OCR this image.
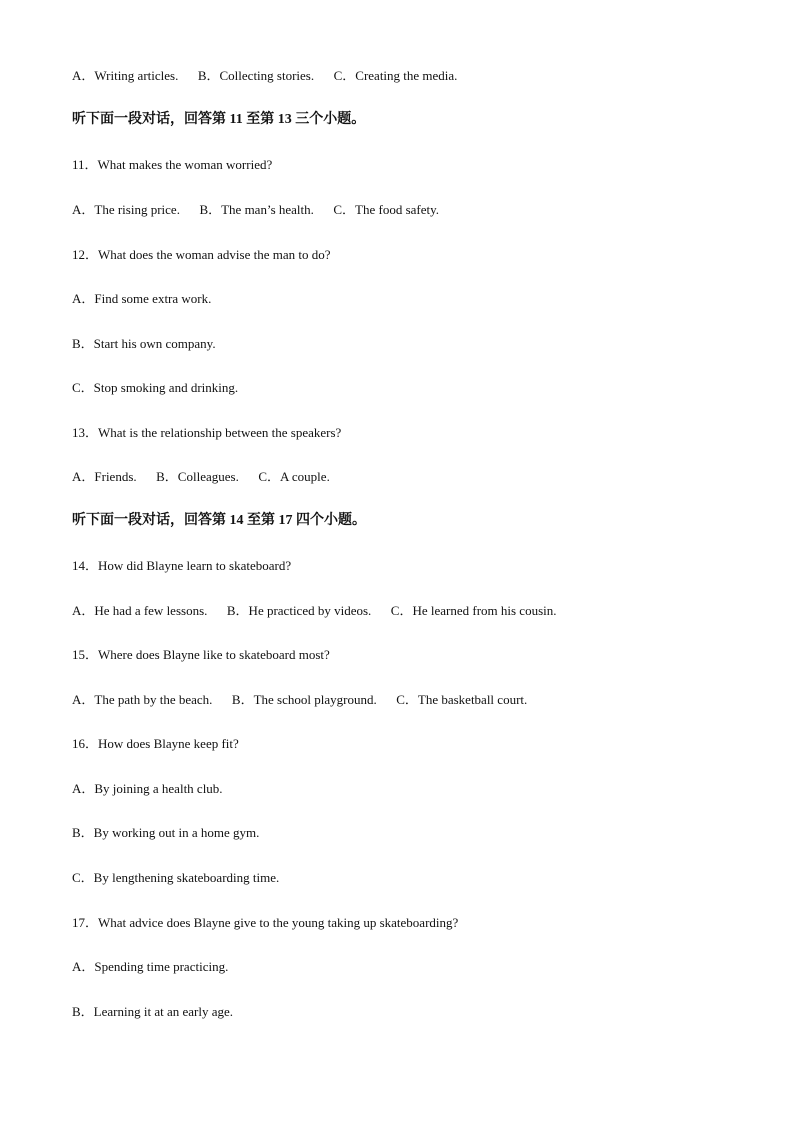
A．Writing articles.      B．Collecting stories.      C．Creating the media.
听下面一段对话，回答第 11 至第 13 三个小题。
11．What makes the woman worried?
A．The rising price.      B．The man’s health.      C．The food safety.
12．What does the woman advise the man to do?
A．Find some extra work.
B．Start his own company.
C．Stop smoking and drinking.
13．What is the relationship between the speakers?
A．Friends.      B．Colleagues.      C．A couple.
听下面一段对话，回答第 14 至第 17 四个小题。
14．How did Blayne learn to skateboard?
A．He had a few lessons.      B．He practiced by videos.      C．He learned from his cousin.
15．Where does Blayne like to skateboard most?
A．The path by the beach.      B．The school playground.      C．The basketball court.
16．How does Blayne keep fit?
A．By joining a health club.
B．By working out in a home gym.
C．By lengthening skateboarding time.
17．What advice does Blayne give to the young taking up skateboarding?
A．Spending time practicing.
B．Learning it at an early age.
